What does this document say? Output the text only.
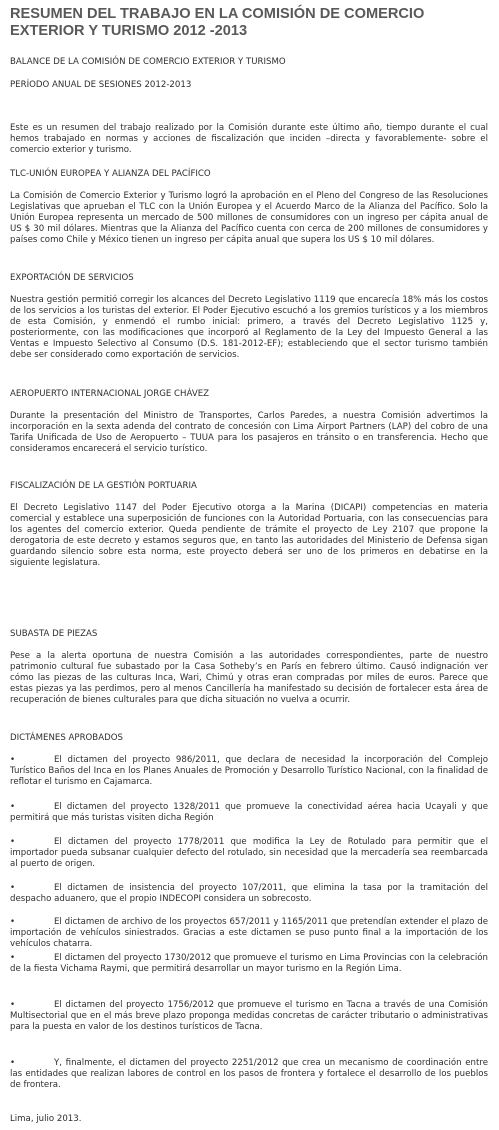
RESUMEN DEL TRABAJO EN LA COMISIÓN DE COMERCIO EXTERIOR Y TURISMO 2012 -2013

BALANCE DE LA COMISIÓN DE COMERCIO EXTERIOR Y TURISMO

PERÍODO ANUAL DE SESIONES 2012-2013

Este es un resumen del trabajo realizado por la Comisión durante este último año, tiempo durante el cual hemos trabajado en normas y acciones de fiscalización que inciden –directa y favorablemente- sobre el comercio exterior y turismo.

TLC-UNIÓN EUROPEA Y ALIANZA DEL PACÍFICO

La Comisión de Comercio Exterior y Turismo logró la aprobación en el Pleno del Congreso de las Resoluciones Legislativas que aprueban el TLC con la Unión Europea y el Acuerdo Marco de la Alianza del Pacífico. Solo la Unión Europea representa un mercado de 500 millones de consumidores con un ingreso per cápita anual de US $ 30 mil dólares. Mientras que la Alianza del Pacífico cuenta con cerca de 200 millones de consumidores y países como Chile y México tienen un ingreso per cápita anual que supera los US $ 10 mil dólares.

EXPORTACIÓN DE SERVICIOS

Nuestra gestión permitió corregir los alcances del Decreto Legislativo 1119 que encarecía 18% más los costos de los servicios a los turistas del exterior. El Poder Ejecutivo escuchó a los gremios turísticos y a los miembros de esta Comisión, y enmendó el rumbo inicial: primero, a través del Decreto Legislativo 1125 y, posteriormente, con las modificaciones que incorporó al Reglamento de la Ley del Impuesto General a las Ventas e Impuesto Selectivo al Consumo (D.S. 181-2012-EF); estableciendo que el sector turismo también debe ser considerado como exportación de servicios.

AEROPUERTO INTERNACIONAL JORGE CHÁVEZ

Durante la presentación del Ministro de Transportes, Carlos Paredes, a nuestra Comisión advertimos la incorporación en la sexta adenda del contrato de concesión con Lima Airport Partners (LAP) del cobro de una Tarifa Unificada de Uso de Aeropuerto – TUUA para los pasajeros en tránsito o en transferencia. Hecho que consideramos encarecerá el servicio turístico.

FISCALIZACIÓN DE LA GESTIÓN PORTUARIA

El Decreto Legislativo 1147 del Poder Ejecutivo otorga a la Marina (DICAPI) competencias en materia comercial y establece una superposición de funciones con la Autoridad Portuaria, con las consecuencias para los agentes del comercio exterior. Queda pendiente de trámite el proyecto de Ley 2107 que propone la derogatoria de este decreto y estamos seguros que, en tanto las autoridades del Ministerio de Defensa sigan guardando silencio sobre esta norma, este proyecto deberá ser uno de los primeros en debatirse en la siguiente legislatura.

SUBASTA DE PIEZAS

Pese a la alerta oportuna de nuestra Comisión a las autoridades correspondientes, parte de nuestro patrimonio cultural fue subastado por la Casa Sotheby’s en París en febrero último. Causó indignación ver cómo las piezas de las culturas Inca, Wari, Chimú y otras eran compradas por miles de euros. Parece que estas piezas ya las perdimos, pero al menos Cancillería ha manifestado su decisión de fortalecer esta área de recuperación de bienes culturales para que dicha situación no vuelva a ocurrir.

DICTÁMENES APROBADOS

•	El dictamen del proyecto 986/2011, que declara de necesidad la incorporación del Complejo Turístico Baños del Inca en los Planes Anuales de Promoción y Desarrollo Turístico Nacional, con la finalidad de reflotar el turismo en Cajamarca.

•	El dictamen del proyecto 1328/2011 que promueve la conectividad aérea hacia Ucayali y que permitirá que más turistas visiten dicha Región

•	El dictamen del proyecto 1778/2011 que modifica la Ley de Rotulado para permitir que el importador pueda subsanar cualquier defecto del rotulado, sin necesidad que la mercadería sea reembarcada al puerto de origen.

•	El dictamen de insistencia del proyecto 107/2011, que elimina la tasa por la tramitación del despacho aduanero, que el propio INDECOPI considera un sobrecosto.

•	El dictamen de archivo de los proyectos 657/2011 y 1165/2011 que pretendían extender el plazo de importación de vehículos siniestrados. Gracias a este dictamen se puso punto final a la importación de los vehículos chatarra.

•	El dictamen del proyecto 1730/2012 que promueve el turismo en Lima Provincias con la celebración de la fiesta Vichama Raymi, que permitirá desarrollar un mayor turismo en la Región Lima.

•	El dictamen del proyecto 1756/2012 que promueve el turismo en Tacna a través de una Comisión Multisectorial que en el más breve plazo proponga medidas concretas de carácter tributario o administrativas para la puesta en valor de los destinos turísticos de Tacna.

•	Y, finalmente, el dictamen del proyecto 2251/2012 que crea un mecanismo de coordinación entre las entidades que realizan labores de control en los pasos de frontera y fortalece el desarrollo de los pueblos de frontera.

Lima, julio 2013.
